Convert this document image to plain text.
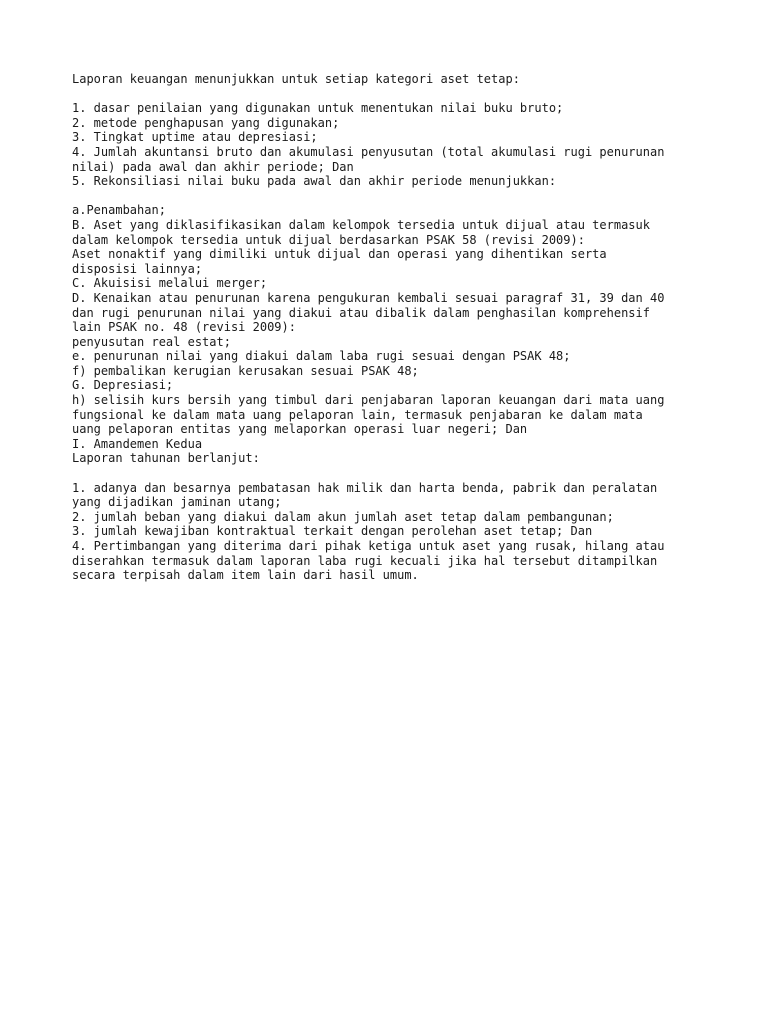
Laporan keuangan menunjukkan untuk setiap kategori aset tetap:
1. dasar penilaian yang digunakan untuk menentukan nilai buku bruto;
2. metode penghapusan yang digunakan;
3. Tingkat uptime atau depresiasi;
4. Jumlah akuntansi bruto dan akumulasi penyusutan (total akumulasi rugi penurunan
nilai) pada awal dan akhir periode; Dan
5. Rekonsiliasi nilai buku pada awal dan akhir periode menunjukkan:
a.Penambahan;
B. Aset yang diklasifikasikan dalam kelompok tersedia untuk dijual atau termasuk
dalam kelompok tersedia untuk dijual berdasarkan PSAK 58 (revisi 2009):
Aset nonaktif yang dimiliki untuk dijual dan operasi yang dihentikan serta
disposisi lainnya;
C. Akuisisi melalui merger;
D. Kenaikan atau penurunan karena pengukuran kembali sesuai paragraf 31, 39 dan 40
dan rugi penurunan nilai yang diakui atau dibalik dalam penghasilan komprehensif
lain PSAK no. 48 (revisi 2009):
penyusutan real estat;
e. penurunan nilai yang diakui dalam laba rugi sesuai dengan PSAK 48;
f) pembalikan kerugian kerusakan sesuai PSAK 48;
G. Depresiasi;
h) selisih kurs bersih yang timbul dari penjabaran laporan keuangan dari mata uang
fungsional ke dalam mata uang pelaporan lain, termasuk penjabaran ke dalam mata
uang pelaporan entitas yang melaporkan operasi luar negeri; Dan
I. Amandemen Kedua
Laporan tahunan berlanjut:
1. adanya dan besarnya pembatasan hak milik dan harta benda, pabrik dan peralatan
yang dijadikan jaminan utang;
2. jumlah beban yang diakui dalam akun jumlah aset tetap dalam pembangunan;
3. jumlah kewajiban kontraktual terkait dengan perolehan aset tetap; Dan
4. Pertimbangan yang diterima dari pihak ketiga untuk aset yang rusak, hilang atau
diserahkan termasuk dalam laporan laba rugi kecuali jika hal tersebut ditampilkan
secara terpisah dalam item lain dari hasil umum.
